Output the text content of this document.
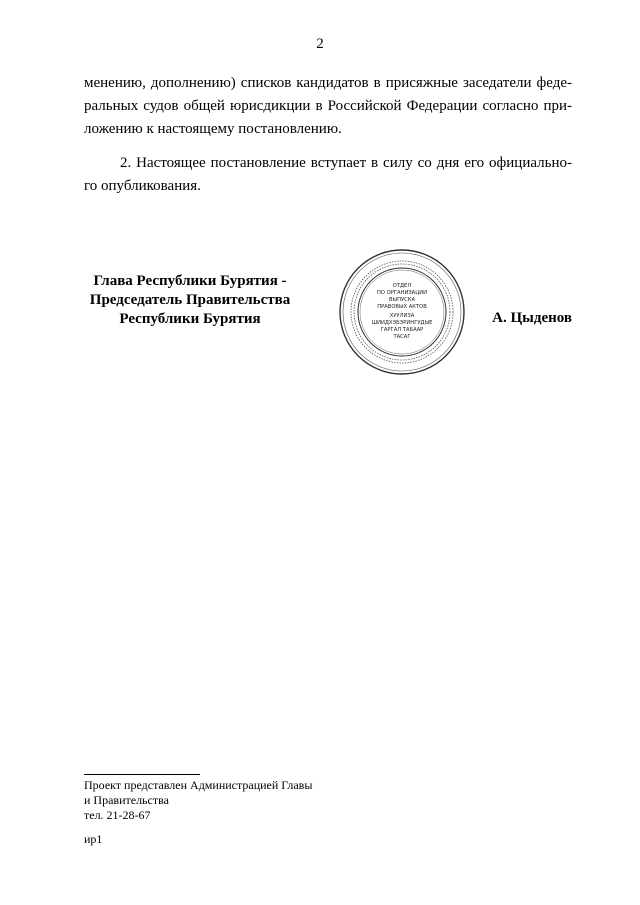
2
менению, дополнению) списков кандидатов в присяжные заседатели феде-
ральных судов общей юрисдикции в Российской Федерации согласно при-
ложению к настоящему постановлению.
2. Настоящее постановление вступает в силу со дня его официально-
го опубликования.
Глава Республики Бурятия -
Председатель Правительства
Республики Бурятия
ОТДЕЛ
ПО ОРГАНИЗАЦИИ
ВЫПУСКА
ПРАВОВЫХ АКТОВ
ХУУЛИЗА
ШИИДХЭБЭРИНГУДЫЕ
ГАРГАЛ ТАБААР
ТАСАГ
А. Цыденов
Проект представлен Администрацией Главы
и Правительства
тел. 21-28-67
ир1
